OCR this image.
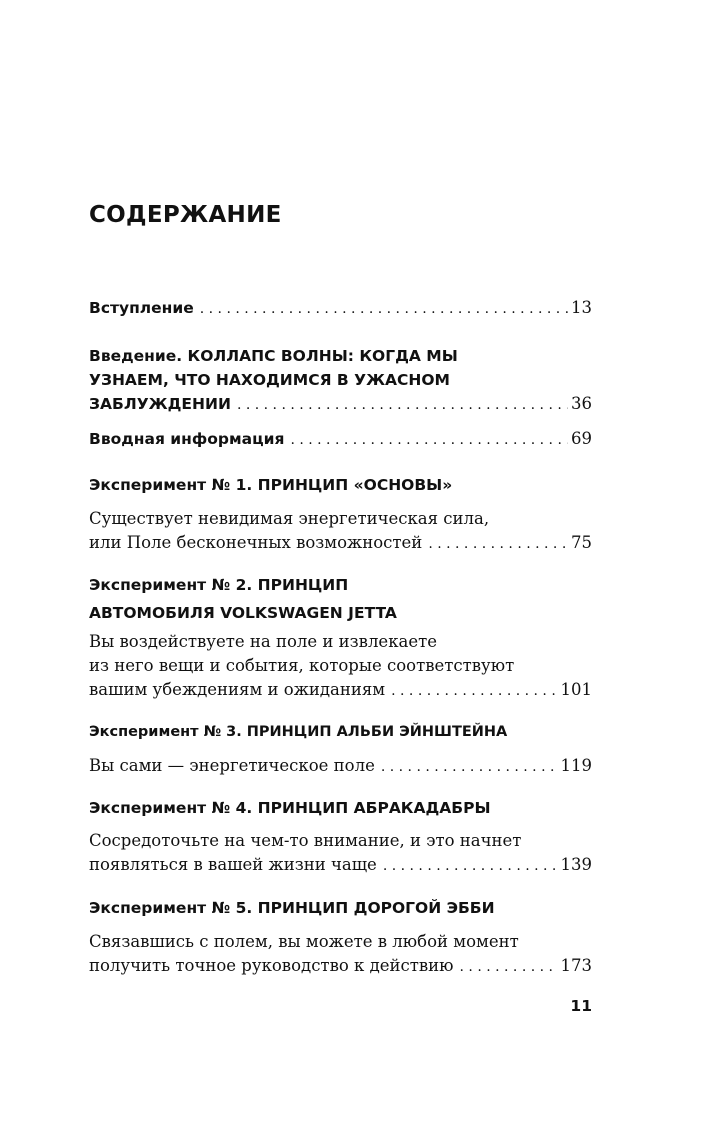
СОДЕРЖАНИЕ
Вступление . . .	13
Введение. КОЛЛАПС ВОЛНЫ: КОГДА МЫ
УЗНАЕМ, ЧТО НАХОДИМСЯ В УЖАСНОМ
ЗАБЛУЖДЕНИИ . . .	36
Вводная информация . . .	69
Эксперимент № 1. ПРИНЦИП «ОСНОВЫ»
Существует невидимая энергетическая сила,
или Поле бесконечных возможностей . . .	75
Эксперимент № 2. ПРИНЦИП
АВТОМОБИЛЯ VOLKSWAGEN JETTA
Вы воздействуете на поле и извлекаете
из него вещи и события, которые соответствуют
вашим убеждениям и ожиданиям . . .	101
Эксперимент № 3. ПРИНЦИП АЛЬБИ ЭЙНШТЕЙНА
Вы сами — энергетическое поле . . .	119
Эксперимент № 4. ПРИНЦИП АБРАКАДАБРЫ
Сосредоточьте на чем-то внимание, и это начнет
появляться в вашей жизни чаще . . .	139
Эксперимент № 5. ПРИНЦИП ДОРОГОЙ ЭББИ
Связавшись с полем, вы можете в любой момент
получить точное руководство к действию . . .	173
11
